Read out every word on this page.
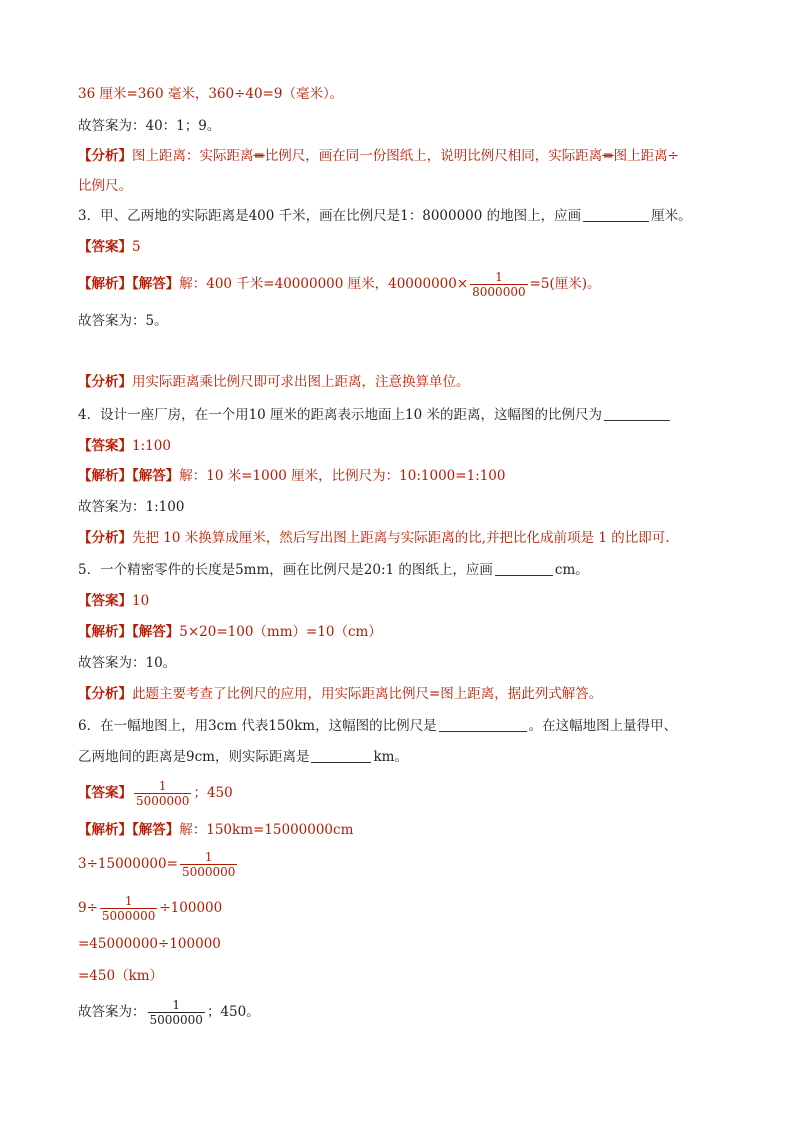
36 厘米=360 毫米，360÷40=9（毫米）。
故答案为：40：1；9。
【分析】图上距离：实际距离=比例尺，画在同一份图纸上，说明比例尺相同，实际距离=图上距离÷
比例尺。
3．甲、乙两地的实际距离是400 千米，画在比例尺是1：8000000 的地图上，应画	厘米。
【答案】5
【解析】【解答】解：400 千米=40000000 厘米，$40000000\times \frac{1}{8000000} =5$(厘米)。
故答案为：5。
【分析】用实际距离乘比例尺即可求出图上距离，注意换算单位。
4．设计一座厂房，在一个用10 厘米的距离表示地面上10 米的距离，这幅图的比例尺为
【答案】1:100
【解析】【解答】解：10 米=1000 厘米，比例尺为：10:1000=1:100
故答案为：1:100
【分析】先把 10 米换算成厘米，然后写出图上距离与实际距离的比,并把比化成前项是 1 的比即可.
5．一个精密零件的长度是5mm，画在比例尺是20:1 的图纸上，应画	cm。
【答案】10
【解析】【解答】5×20=100（mm）=10（cm）
故答案为：10。
【分析】此题主要考查了比例尺的应用，用实际距离比例尺=图上距离，据此列式解答。
6．在一幅地图上，用3cm 代表150km，这幅图的比例尺是	。在这幅地图上量得甲、
乙两地间的距离是9cm，则实际距离是	km。
【答案】 $\frac{1}{5000000}$ ；450
【解析】【解答】解：150km=15000000cm
$3\div 15000000= \frac{1}{5000000}$
$9\div \frac{1}{5000000} \div 100000$
=45000000÷100000
=450（km）
故答案为： $\frac{1}{5000000}$ ；450。
